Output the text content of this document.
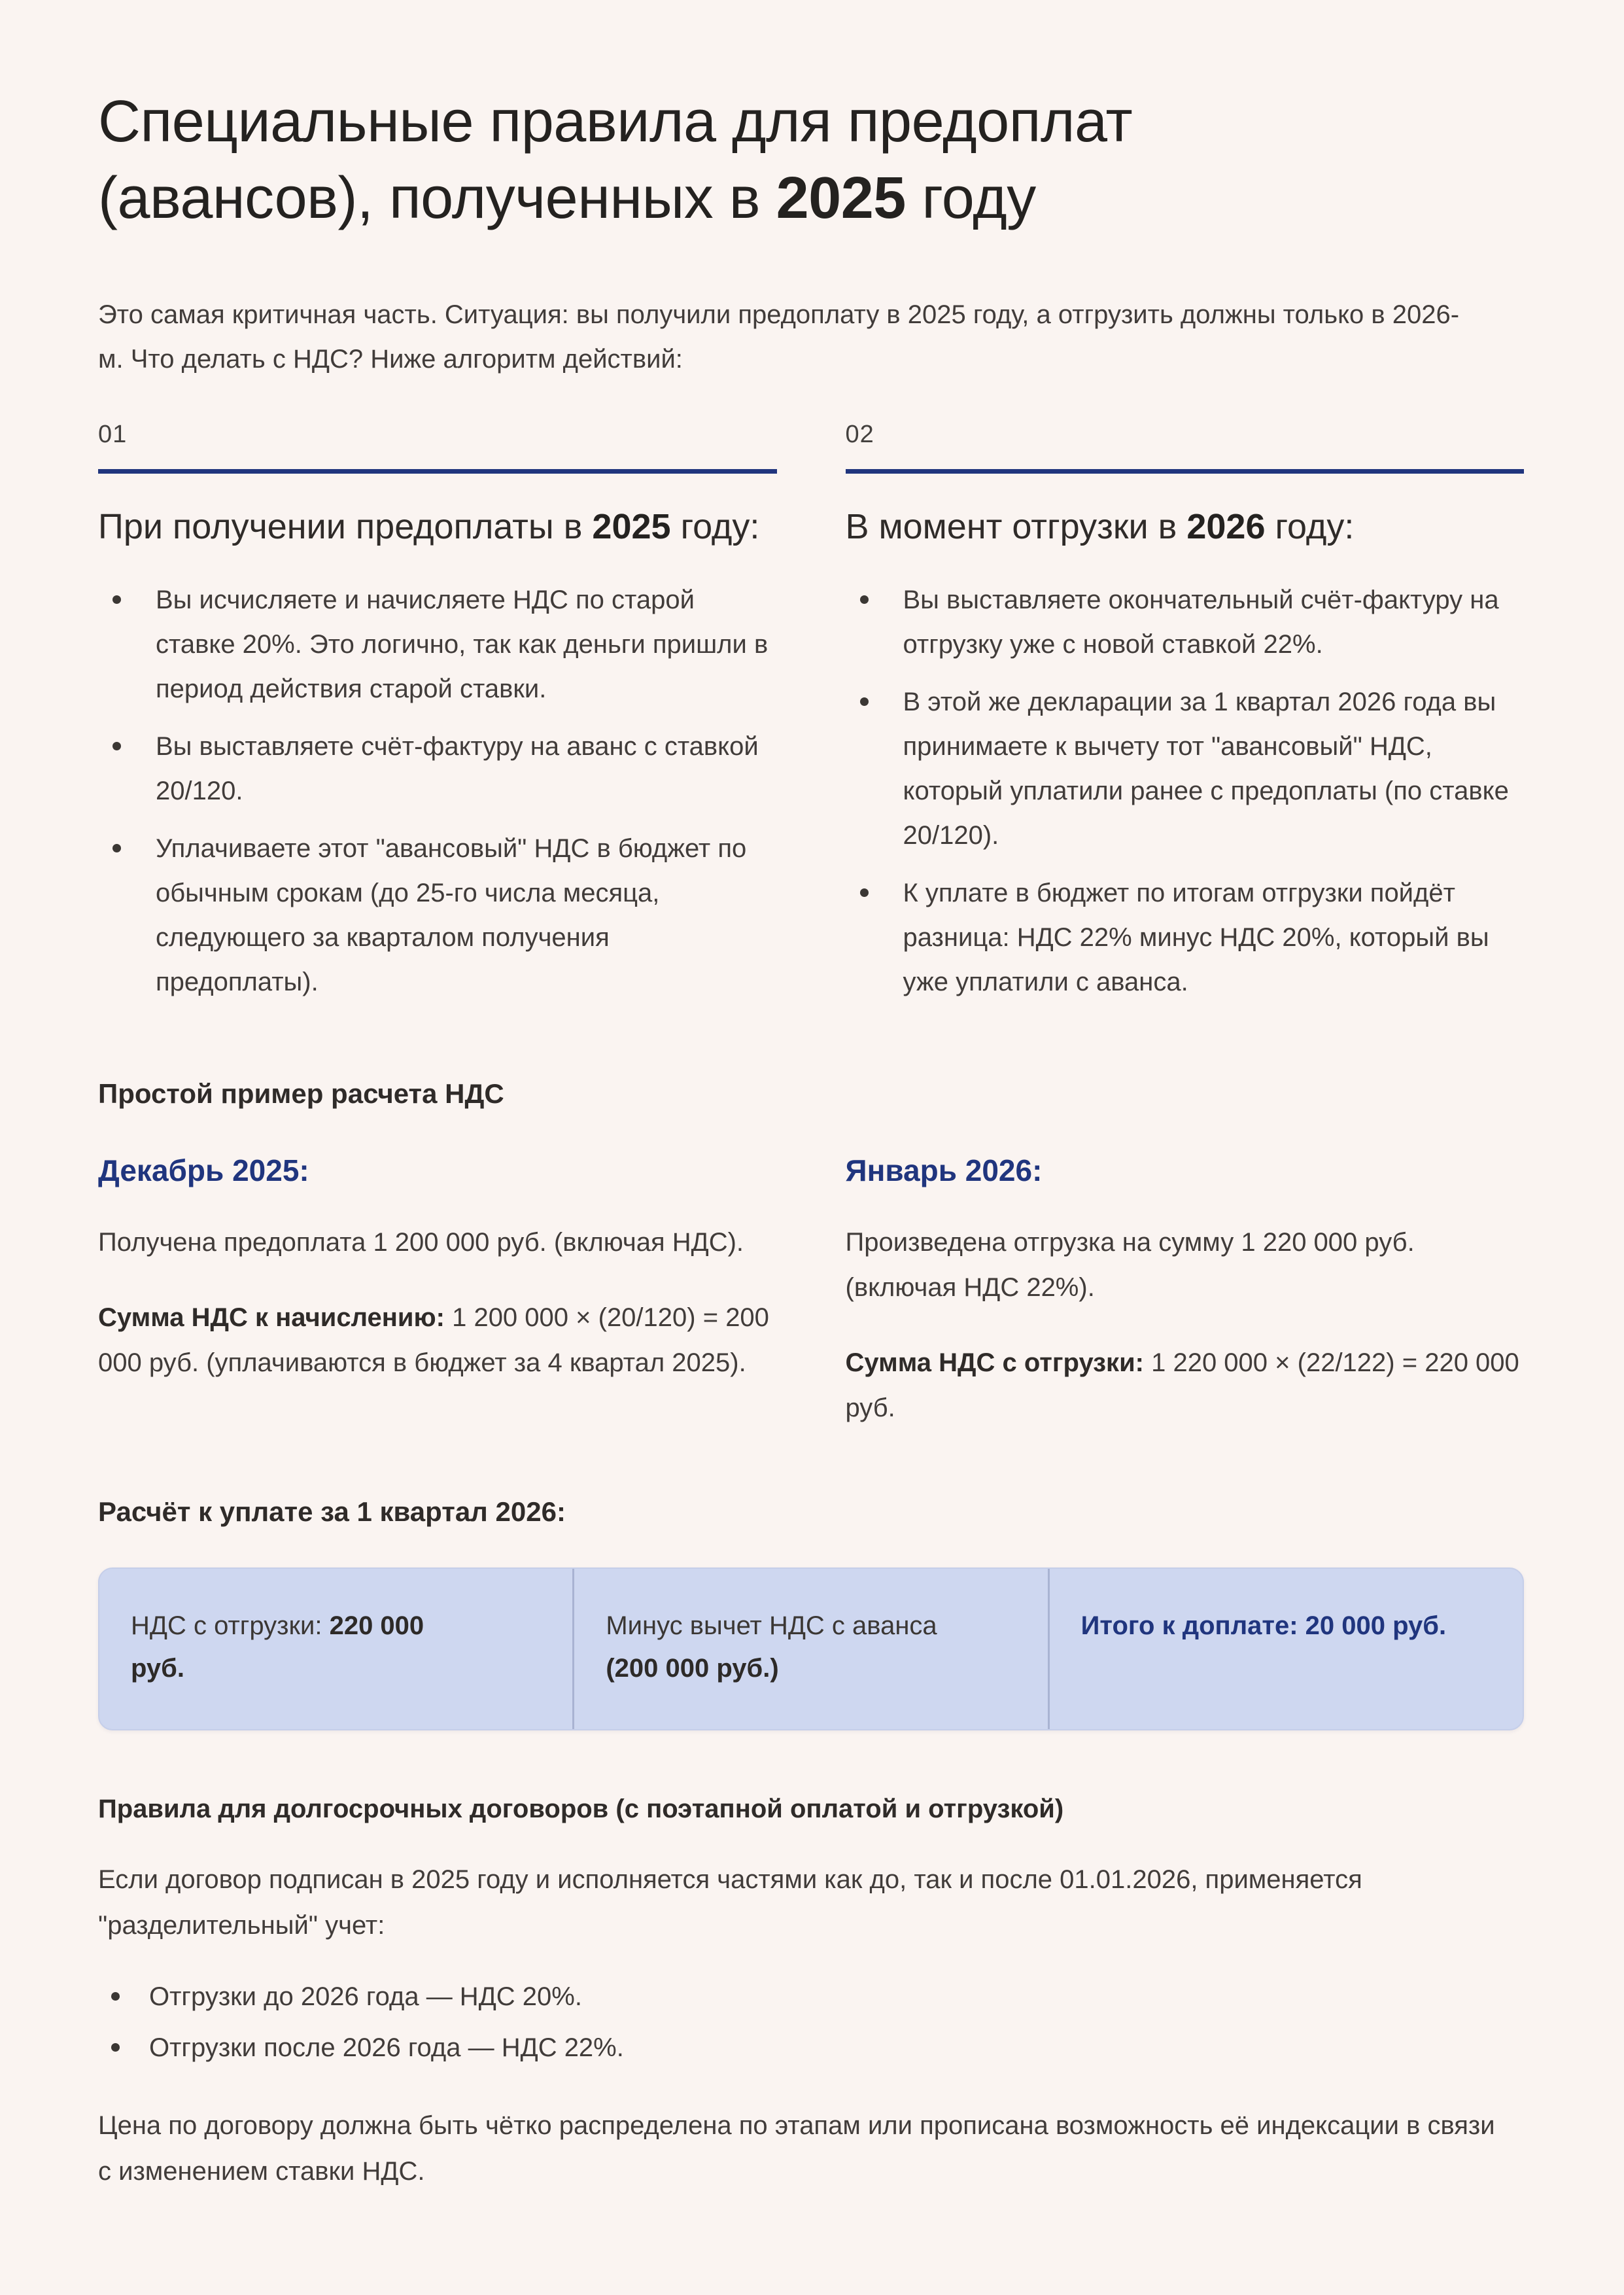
Специальные правила для предоплат
(авансов), полученных в 2025 году

Это самая критичная часть. Ситуация: вы получили предоплату в 2025 году, а отгрузить должны только в 2026-м. Что делать с НДС? Ниже алгоритм действий:

01
При получении предоплаты в 2025 году:
Вы исчисляете и начисляете НДС по старой ставке 20%. Это логично, так как деньги пришли в период действия старой ставки.
Вы выставляете счёт-фактуру на аванс с ставкой 20/120.
Уплачиваете этот "авансовый" НДС в бюджет по обычным срокам (до 25-го числа месяца, следующего за кварталом получения предоплаты).
02
В момент отгрузки в 2026 году:
Вы выставляете окончательный счёт-фактуру на отгрузку уже с новой ставкой 22%.
В этой же декларации за 1 квартал 2026 года вы принимаете к вычету тот "авансовый" НДС, который уплатили ранее с предоплаты (по ставке 20/120).
К уплате в бюджет по итогам отгрузки пойдёт разница: НДС 22% минус НДС 20%, который вы уже уплатили с аванса.
Простой пример расчета НДС
Декабрь 2025:

Получена предоплата 1 200 000 руб. (включая НДС).

Сумма НДС к начислению: 1 200 000 × (20/120) = 200 000 руб. (уплачиваются в бюджет за 4 квартал 2025).

Январь 2026:

Произведена отгрузка на сумму 1 220 000 руб. (включая НДС 22%).

Сумма НДС с отгрузки: 1 220 000 × (22/122) = 220 000 руб.

Расчёт к уплате за 1 квартал 2026:
НДС с отгрузки: 220 000
руб.
Минус вычет НДС с аванса
(200 000 руб.)
Итого к доплате: 20 000 руб.
Правила для долгосрочных договоров (с поэтапной оплатой и отгрузкой)

Если договор подписан в 2025 году и исполняется частями как до, так и после 01.01.2026, применяется "разделительный" учет:

Отгрузки до 2026 года — НДС 20%.
Отгрузки после 2026 года — НДС 22%.

Цена по договору должна быть чётко распределена по этапам или прописана возможность её индексации в связи с изменением ставки НДС.
